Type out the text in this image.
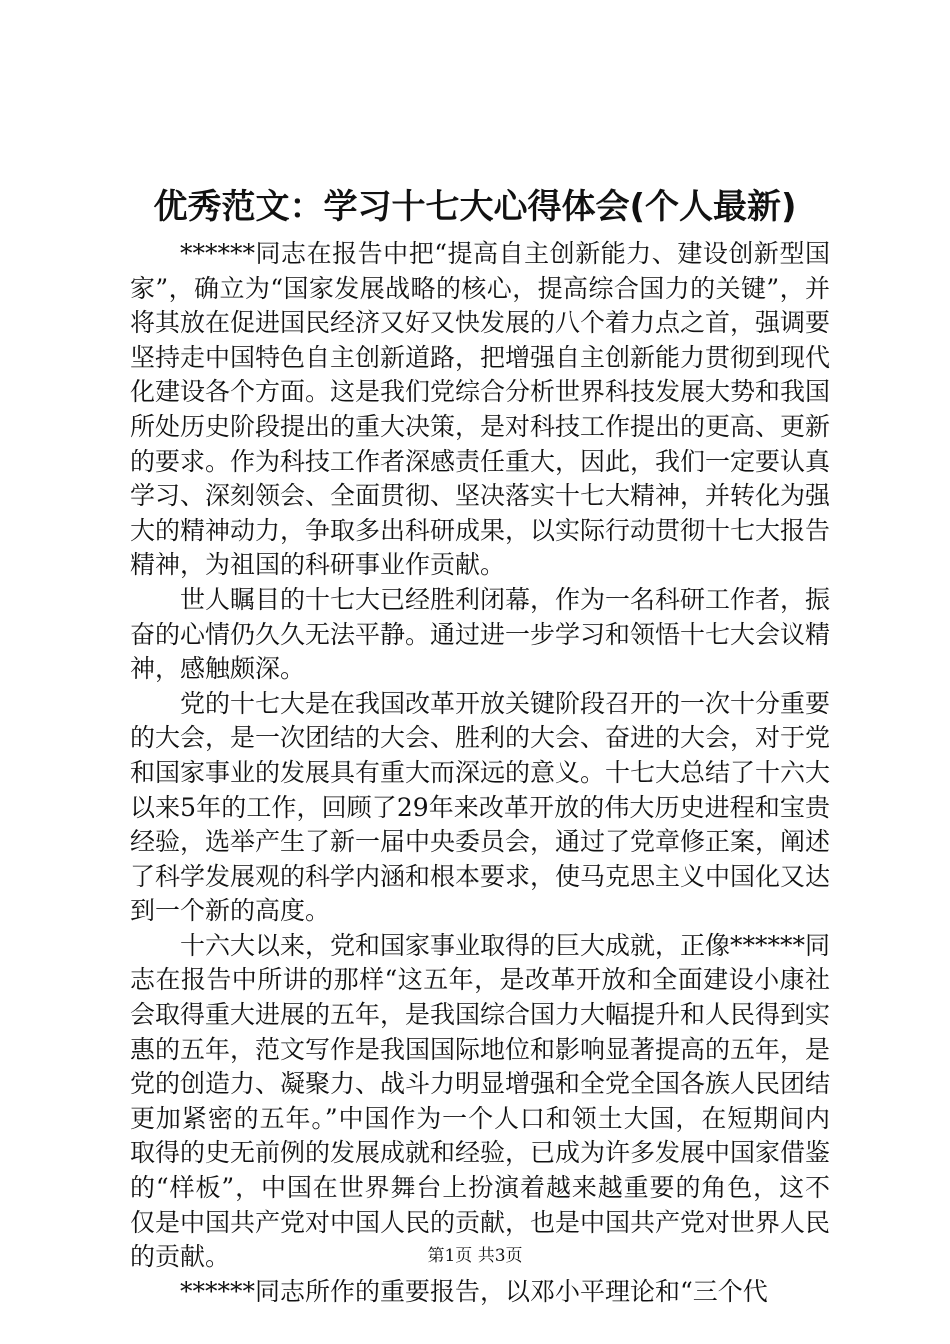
优秀范文：学习十七大心得体会(个人最新)

******同志在报告中把“提高自主创新能力、建设创新型国家”，确立为“国家发展战略的核心，提高综合国力的关键”，并将其放在促进国民经济又好又快发展的八个着力点之首，强调要坚持走中国特色自主创新道路，把增强自主创新能力贯彻到现代化建设各个方面。这是我们党综合分析世界科技发展大势和我国所处历史阶段提出的重大决策，是对科技工作提出的更高、更新的要求。作为科技工作者深感责任重大，因此，我们一定要认真学习、深刻领会、全面贯彻、坚决落实十七大精神，并转化为强大的精神动力，争取多出科研成果，以实际行动贯彻十七大报告精神，为祖国的科研事业作贡献。

世人瞩目的十七大已经胜利闭幕，作为一名科研工作者，振奋的心情仍久久无法平静。通过进一步学习和领悟十七大会议精神，感触颇深。

党的十七大是在我国改革开放关键阶段召开的一次十分重要的大会，是一次团结的大会、胜利的大会、奋进的大会，对于党和国家事业的发展具有重大而深远的意义。十七大总结了十六大以来5年的工作，回顾了29年来改革开放的伟大历史进程和宝贵经验，选举产生了新一届中央委员会，通过了党章修正案，阐述了科学发展观的科学内涵和根本要求，使马克思主义中国化又达到一个新的高度。

十六大以来，党和国家事业取得的巨大成就，正像******同志在报告中所讲的那样“这五年，是改革开放和全面建设小康社会取得重大进展的五年，是我国综合国力大幅提升和人民得到实惠的五年，范文写作是我国国际地位和影响显著提高的五年，是党的创造力、凝聚力、战斗力明显增强和全党全国各族人民团结更加紧密的五年。”中国作为一个人口和领土大国，在短期间内取得的史无前例的发展成就和经验，已成为许多发展中国家借鉴的“样板”，中国在世界舞台上扮演着越来越重要的角色，这不仅是中国共产党对中国人民的贡献，也是中国共产党对世界人民的贡献。

******同志所作的重要报告，以邓小平理论和“三个代

第1页 共3页
